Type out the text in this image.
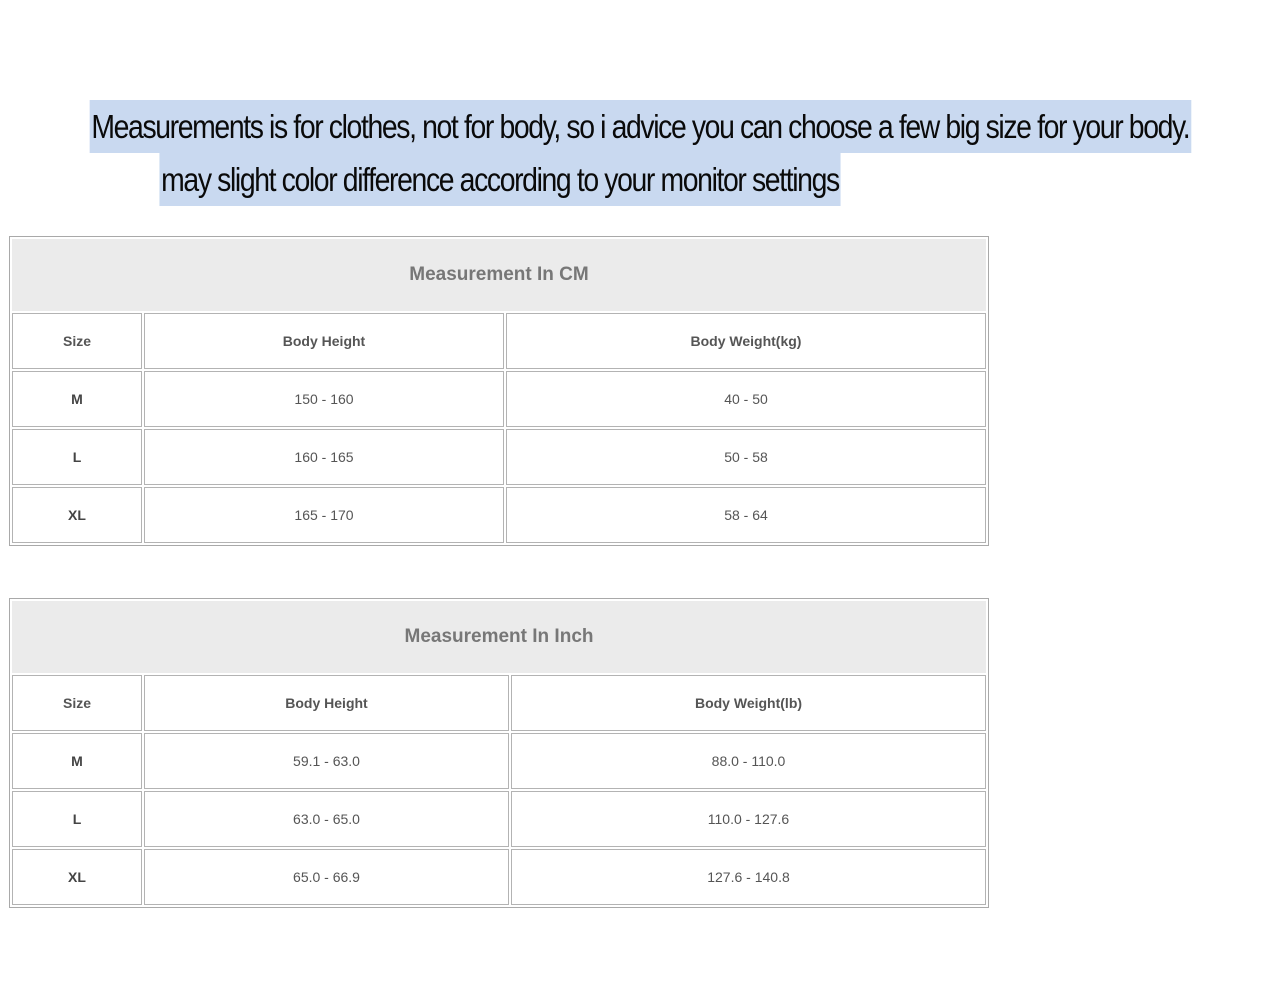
Measurements is for clothes, not for body, so i advice you can choose a few big size for your body.
may slight color difference according to your monitor settings
Measurement In CM		
Size	Body Height	Body Weight(kg)
M	150 - 160	40 - 50
L	160 - 165	50 - 58
XL	165 - 170	58 - 64
Measurement In Inch		
Size	Body Height	Body Weight(lb)
M	59.1 - 63.0	88.0 - 110.0
L	63.0 - 65.0	110.0 - 127.6
XL	65.0 - 66.9	127.6 - 140.8
